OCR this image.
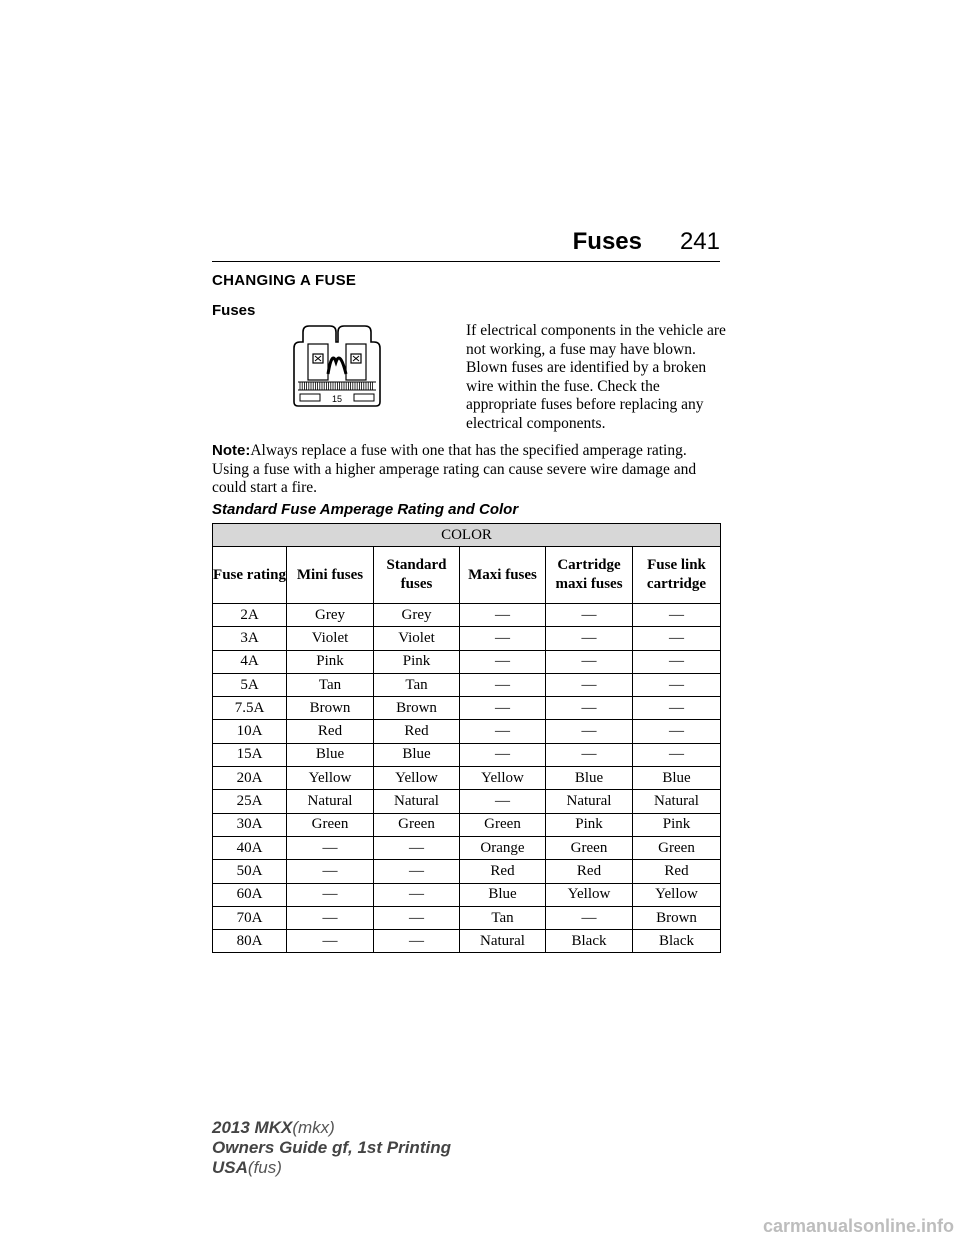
Fuses 241
CHANGING A FUSE
Fuses
15
If electrical components in the vehicle are not working, a fuse may have blown. Blown fuses are identified by a broken wire within the fuse. Check the appropriate fuses before replacing any electrical components.
Note:Always replace a fuse with one that has the specified amperage rating. Using a fuse with a higher amperage rating can cause severe wire damage and could start a fire.
Standard Fuse Amperage Rating and Color
COLOR					
Fuse rating	Mini fuses	Standard fuses	Maxi fuses	Cartridge maxi fuses	Fuse link cartridge
2A	Grey	Grey	—	—	—
3A	Violet	Violet	—	—	—
4A	Pink	Pink	—	—	—
5A	Tan	Tan	—	—	—
7.5A	Brown	Brown	—	—	—
10A	Red	Red	—	—	—
15A	Blue	Blue	—	—	—
20A	Yellow	Yellow	Yellow	Blue	Blue
25A	Natural	Natural	—	Natural	Natural
30A	Green	Green	Green	Pink	Pink
40A	—	—	Orange	Green	Green
50A	—	—	Red	Red	Red
60A	—	—	Blue	Yellow	Yellow
70A	—	—	Tan	—	Brown
80A	—	—	Natural	Black	Black
2013 MKX(mkx)
Owners Guide gf, 1st Printing
USA(fus)
carmanualsonline.info
